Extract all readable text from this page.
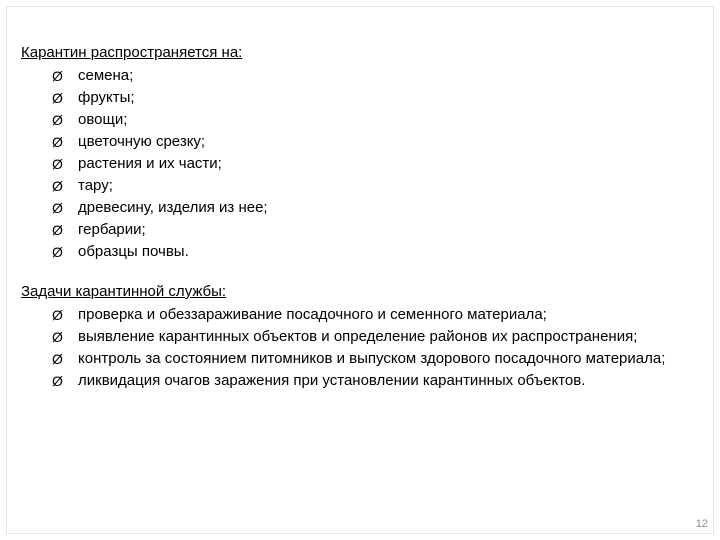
Карантин распространяется на:
Ø	семена;
Ø	фрукты;
Ø	овощи;
Ø	цветочную срезку;
Ø	растения и их части;
Ø	тару;
Ø	древесину, изделия из нее;
Ø	гербарии;
Ø	образцы почвы.
Задачи карантинной службы:
Ø	проверка и обеззараживание посадочного и семенного материала;
Ø	выявление карантинных объектов и определение районов их распространения;
Ø	контроль за состоянием питомников и выпуском здорового посадочного материала;
Ø	ликвидация очагов заражения при установлении карантинных объектов.
12
